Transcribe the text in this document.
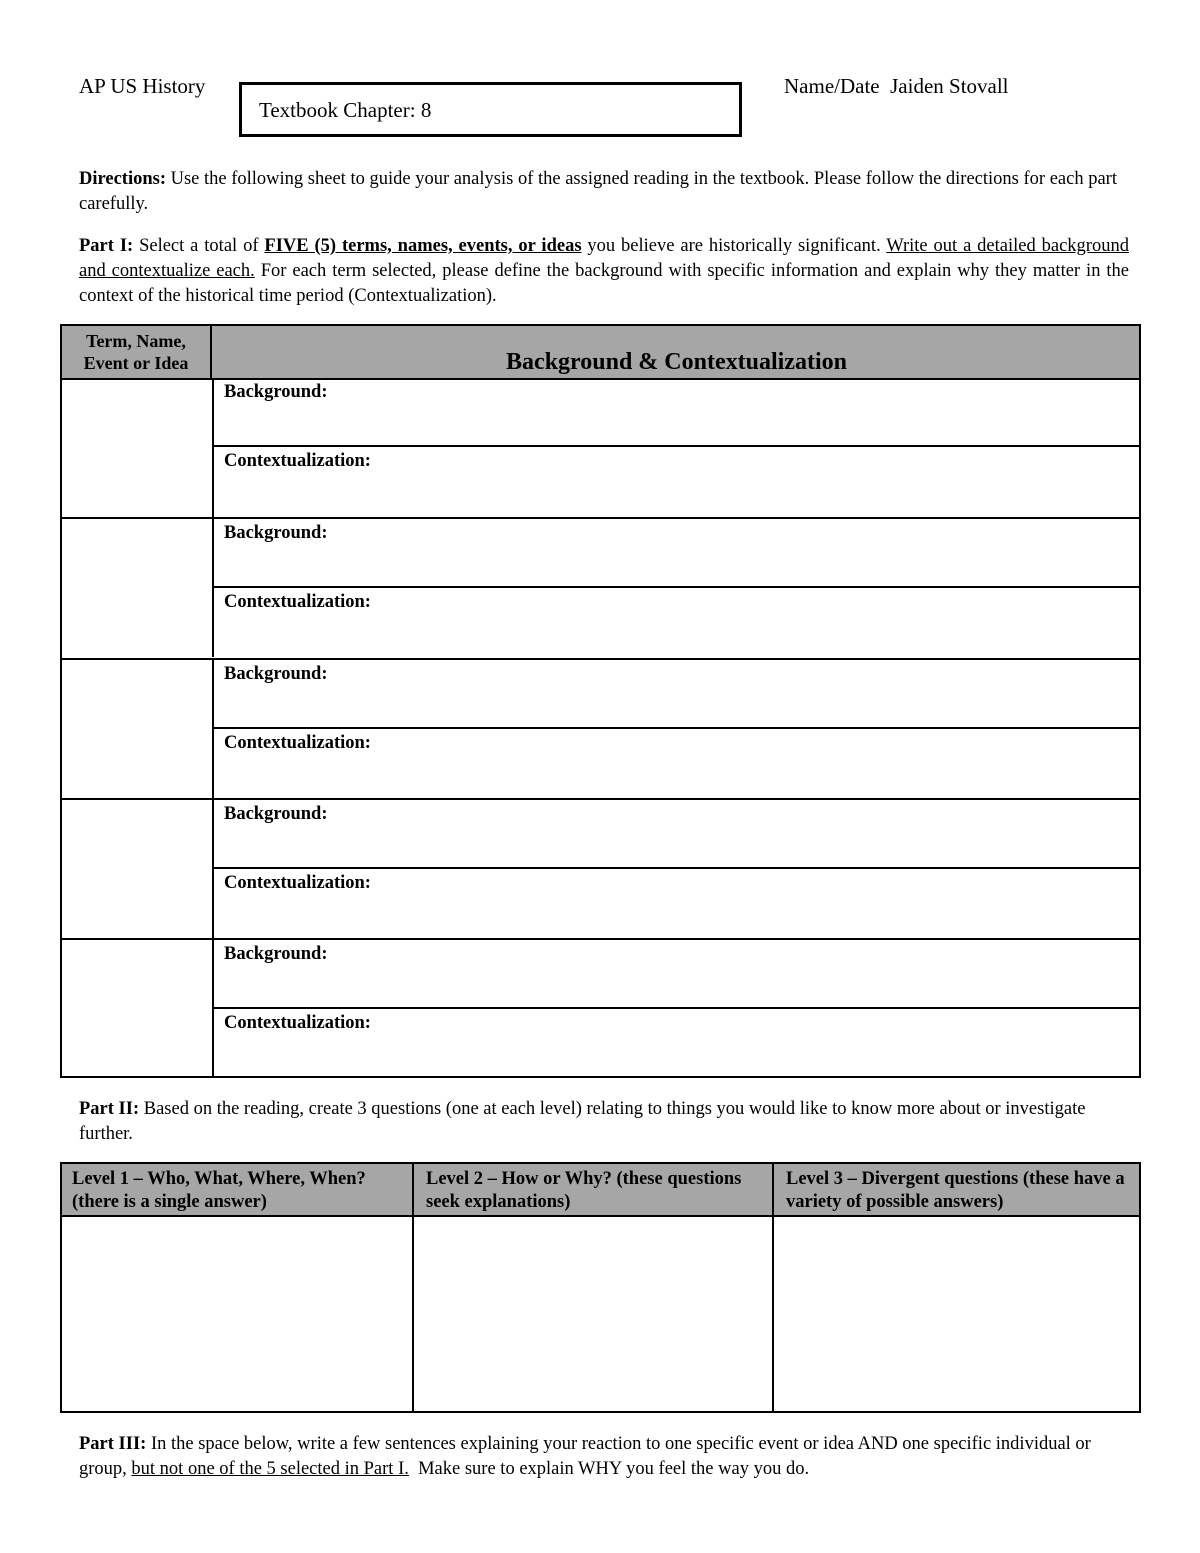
AP US History
Textbook Chapter: 8
Name/Date  Jaiden Stovall
Directions: Use the following sheet to guide your analysis of the assigned reading in the textbook. Please follow the directions for each part carefully.
Part I: Select a total of FIVE (5) terms, names, events, or ideas you believe are historically significant. Write out a detailed background and contextualize each. For each term selected, please define the background with specific information and explain why they matter in the context of the historical time period (Contextualization).
Term, Name, Event or Idea	Background & Contextualization
Background:
Contextualization:
Background:
Contextualization:
Background:
Contextualization:
Background:
Contextualization:
Background:
Contextualization:
Part II: Based on the reading, create 3 questions (one at each level) relating to things you would like to know more about or investigate further.
Level 1 – Who, What, Where, When? (there is a single answer)
Level 2 – How or Why? (these questions seek explanations)
Level 3 – Divergent questions (these have a variety of possible answers)
Part III: In the space below, write a few sentences explaining your reaction to one specific event or idea AND one specific individual or group, but not one of the 5 selected in Part I.  Make sure to explain WHY you feel the way you do.
